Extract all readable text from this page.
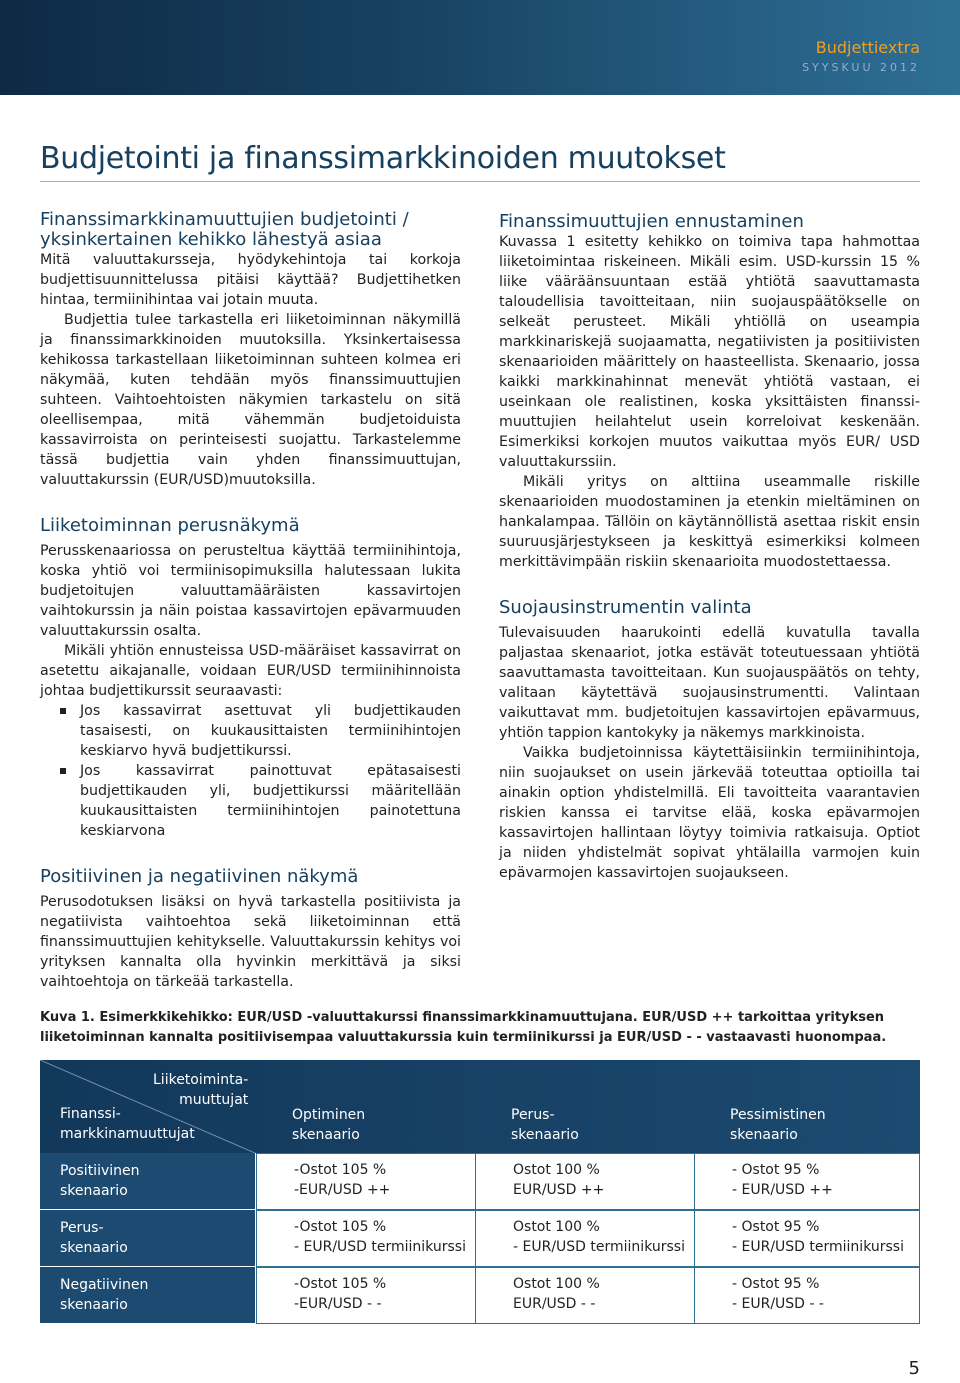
Budjettiextra
SYYSKUU 2012
Budjetointi ja finanssimarkkinoiden muutokset
Finanssimarkkinamuuttujien budjetointi / yksinkertainen kehikko lähestyä asiaa

Mitä valuuttakursseja, hyödykehintoja tai korkoja budjettisuunnittelussa pitäisi käyttää? Budjettihetken hintaa, termiinihintaa vai jotain muuta.

Budjettia tulee tarkastella eri liiketoiminnan näkymillä ja finanssimarkkinoiden muutoksilla. Yksinkertaisessa kehikossa tarkastellaan liiketoiminnan suhteen kolmea eri näkymää, kuten tehdään myös finanssimuuttujien suhteen. Vaihtoehtoisten näkymien tarkastelu on sitä oleellisempaa, mitä vähemmän budjetoiduista kassavirroista on perinteisesti suojattu. Tarkastelemme tässä budjettia vain yhden finanssimuuttujan, valuuttakurssin (EUR/USD)muutoksilla.

Liiketoiminnan perusnäkymä

Perusskenaariossa on perusteltua käyttää termiinihintoja, koska yhtiö voi termiinisopimuksilla halutessaan lukita budjetoitujen valuuttamääräisten kassavirtojen vaihtokurssin ja näin poistaa kassavirtojen epävarmuuden valuuttakurssin osalta.

Mikäli yhtiön ennusteissa USD-määräiset kassavirrat on asetettu aikajanalle, voidaan EUR/USD termiinihinnoista johtaa budjettikurssit seuraavasti:

Jos kassavirrat asettuvat yli budjettikauden tasaisesti, on kuukausittaisten termiinihintojen keskiarvo hyvä budjettikurssi.
Jos kassavirrat painottuvat epätasaisesti budjettikauden yli, budjettikurssi määritellään kuukausittaisten termiinihintojen painotettuna keskiarvona
Positiivinen ja negatiivinen näkymä

Perusodotuksen lisäksi on hyvä tarkastella positiivista ja negatiivista vaihtoehtoa sekä liiketoiminnan että finanssimuuttujien kehitykselle. Valuuttakurssin kehitys voi yrityksen kannalta olla hyvinkin merkittävä ja siksi vaihtoehtoja on tärkeää tarkastella.

Finanssimuuttujien ennustaminen

Kuvassa 1 esitetty kehikko on toimiva tapa hahmottaa liiketoimintaa riskeineen. Mikäli esim. USD-kurssin 15 % liike vääräänsuuntaan estää yhtiötä saavuttamasta taloudellisia tavoitteitaan, niin suojauspäätökselle on selkeät perusteet. Mikäli yhtiöllä on useampia markkinariskejä suojaamatta, negatiivisten ja positiivisten skenaarioiden määrittely on haasteellista. Skenaario, jossa kaikki markkinahinnat menevät yhtiötä vastaan, ei useinkaan ole realistinen, koska yksittäisten finanssi-muuttujien heilahtelut usein korreloivat keskenään. Esimerkiksi korkojen muutos vaikuttaa myös EUR/ USD valuuttakurssiin.

Mikäli yritys on alttiina useammalle riskille skenaarioiden muodostaminen ja etenkin mieltäminen on hankalampaa. Tällöin on käytännöllistä asettaa riskit ensin suuruusjärjestykseen ja keskittyä esimerkiksi kolmeen merkittävimpään riskiin skenaarioita muodostettaessa.

Suojausinstrumentin valinta

Tulevaisuuden haarukointi edellä kuvatulla tavalla paljastaa skenaariot, jotka estävät toteutuessaan yhtiötä saavuttamasta tavoitteitaan. Kun suojauspäätös on tehty, valitaan käytettävä suojausinstrumentti. Valintaan vaikuttavat mm. budjetoitujen kassavirtojen epävarmuus, yhtiön tappion kantokyky ja näkemys markkinoista.

Vaikka budjetoinnissa käytettäisiinkin termiinihintoja, niin suojaukset on usein järkevää toteuttaa optioilla tai ainakin option yhdistelmillä. Eli tavoitteita vaarantavien riskien kanssa ei tarvitse elää, koska epävarmojen kassavirtojen hallintaan löytyy toimivia ratkaisuja. Optiot ja niiden yhdistelmät sopivat yhtälailla varmojen kuin epävarmojen kassavirtojen suojaukseen.

Kuva 1. Esimerkkikehikko: EUR/USD -valuuttakurssi finanssimarkkinamuuttujana. EUR/USD ++ tarkoittaa yrityksen liiketoiminnan kannalta positiivisempaa valuuttakurssia kuin termiinikurssi ja EUR/USD - - vastaavasti huonompaa.
Liiketoiminta-
muuttujat
Finanssi-
markkinamuuttujat
Optiminen
skenaario
Perus-
skenaario
Pessimistinen
skenaario
Positiivinen
skenaario
-Ostot 105 %
-EUR/USD ++
Ostot 100 %
EUR/USD ++
- Ostot 95 %
- EUR/USD ++
Perus-
skenaario
-Ostot 105 %
- EUR/USD termiinikurssi
Ostot 100 %
- EUR/USD termiinikurssi
- Ostot 95 %
- EUR/USD termiinikurssi
Negatiivinen
skenaario
-Ostot 105 %
-EUR/USD - -
Ostot 100 %
EUR/USD - -
- Ostot 95 %
- EUR/USD - -
5
